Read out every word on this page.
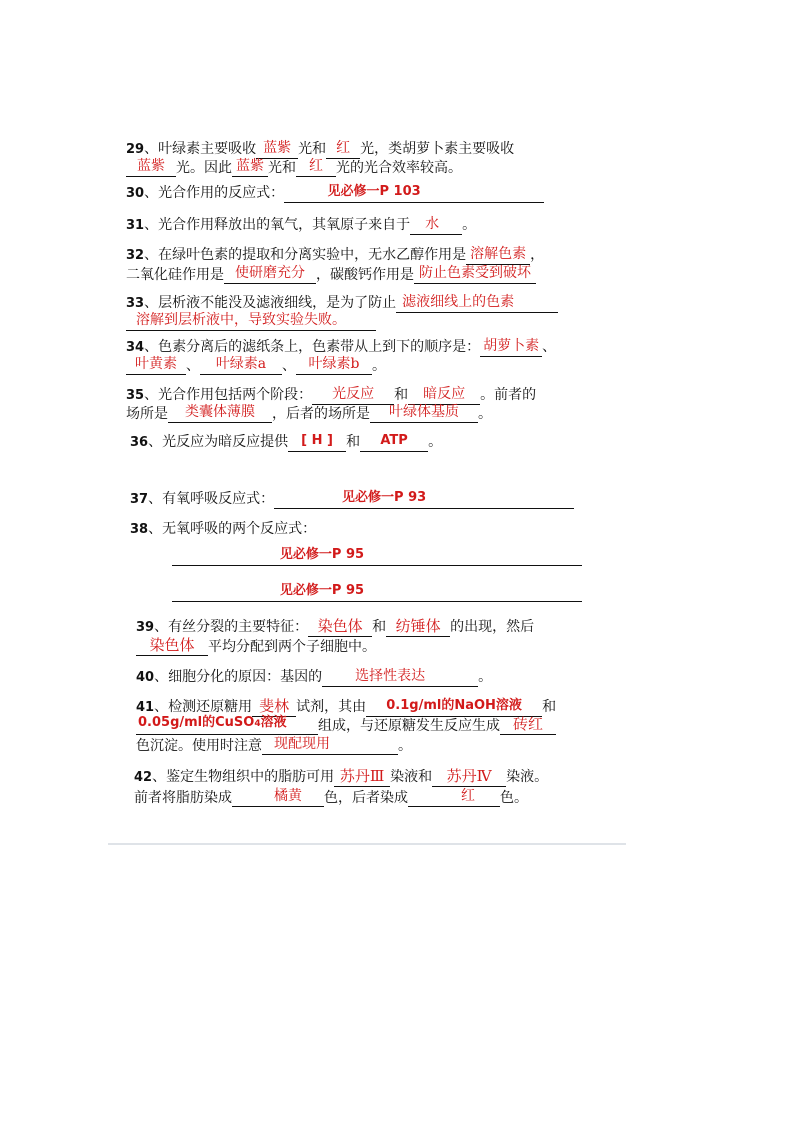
29、叶绿素主要吸收 蓝紫 光和 红 光，类胡萝卜素主要吸收
蓝紫 光。因此 蓝紫 光和 红 光的光合效率较高。
30、光合作用的反应式：	见必修一P 103
31、光合作用释放出的氧气，其氧原子来自于	水	。
32、在绿叶色素的提取和分离实验中，无水乙醇作用是 溶解色素 ，
二氧化硅作用是 使研磨充分 ，碳酸钙作用是 防止色素受到破坏
33、层析液不能没及滤液细线，是为了防止 滤液细线上的色素
溶解到层析液中，导致实验失败。
34、色素分离后的滤纸条上，色素带从上到下的顺序是： 胡萝卜素 、
叶黄素 、	叶绿素a	、 叶绿素b 。
35、光合作用包括两个阶段：	光反应	和	暗反应	。前者的
场所是	类囊体薄膜	，后者的场所是	叶绿体基质	。
36、光反应为暗反应提供	[ H ] 和	ATP	。
37、有氧呼吸反应式：	见必修一P 93
38、无氧呼吸的两个反应式：
见必修一P 95
见必修一P 95
39、有丝分裂的主要特征： 染色体 和 纺锤体 的出现，然后
染色体 平均分配到两个子细胞中。
40、细胞分化的原因：基因的	选择性表达	。
41、检测还原糖用 斐林 试剂，其由	0.1g/ml的NaOH溶液	和
0.05g/ml的CuSO4溶液	组成，与还原糖发生反应生成 砖红
色沉淀。使用时注意 现配现用	。
42、鉴定生物组织中的脂肪可用 苏丹Ⅲ 染液和 苏丹Ⅳ	染液。
前者将脂肪染成	橘黄	色，后者染成	红	色。
